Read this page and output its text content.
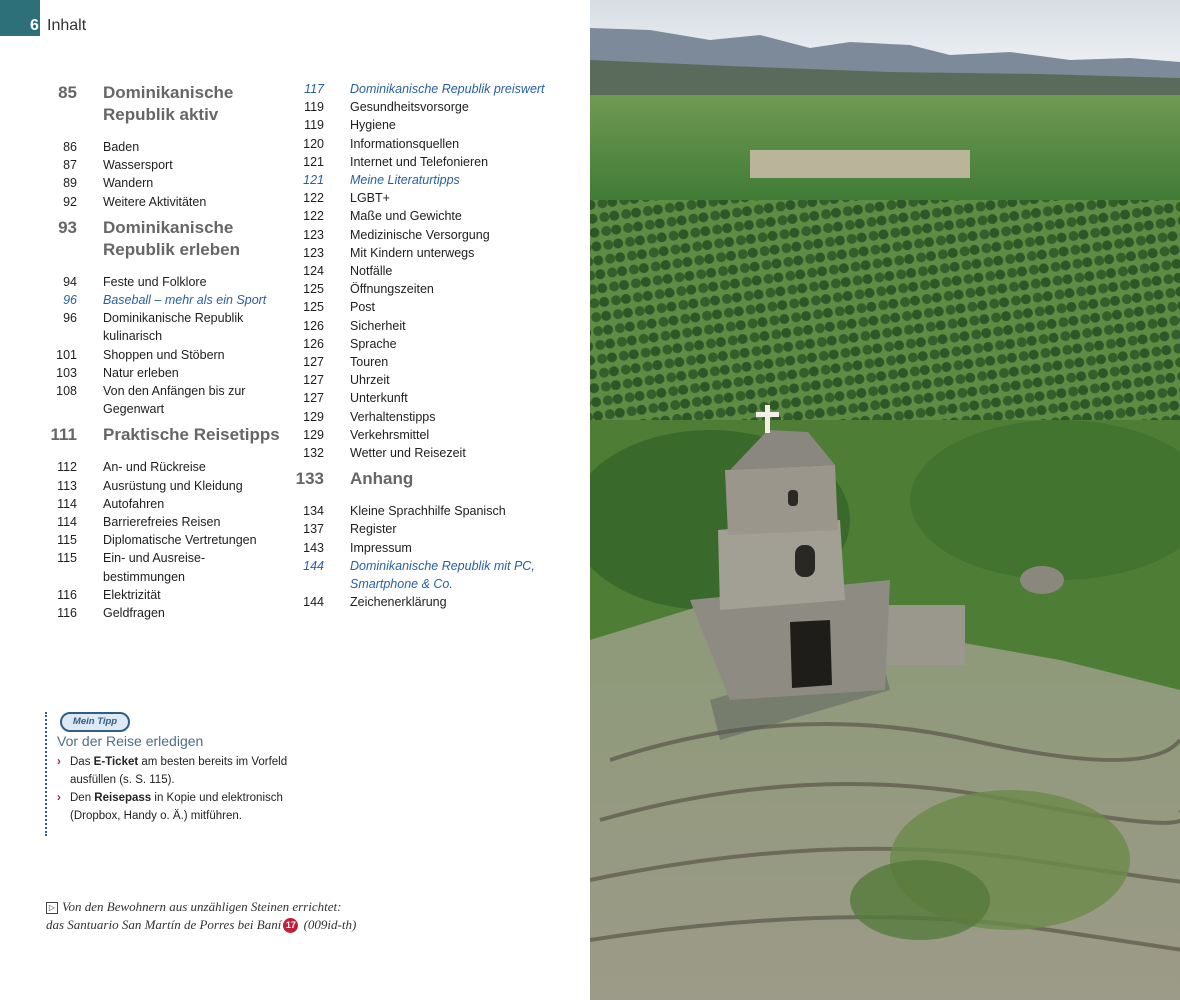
6 Inhalt
85 Dominikanische Republik aktiv
86 Baden
87 Wassersport
89 Wandern
92 Weitere Aktivitäten
93 Dominikanische Republik erleben
94 Feste und Folklore
96 Baseball – mehr als ein Sport
96 Dominikanische Republik kulinarisch
101 Shoppen und Stöbern
103 Natur erleben
108 Von den Anfängen bis zur Gegenwart
111 Praktische Reisetipps
112 An- und Rückreise
113 Ausrüstung und Kleidung
114 Autofahren
114 Barrierefreies Reisen
115 Diplomatische Vertretungen
115 Ein- und Ausreise-bestimmungen
116 Elektrizität
116 Geldfragen
117 Dominikanische Republik preiswert
119 Gesundheitsvorsorge
119 Hygiene
120 Informationsquellen
121 Internet und Telefonieren
121 Meine Literaturtipps
122 LGBT+
122 Maße und Gewichte
123 Medizinische Versorgung
123 Mit Kindern unterwegs
124 Notfälle
125 Öffnungszeiten
125 Post
126 Sicherheit
126 Sprache
127 Touren
127 Uhrzeit
127 Unterkunft
129 Verhaltenstipps
129 Verkehrsmittel
132 Wetter und Reisezeit
133 Anhang
134 Kleine Sprachhilfe Spanisch
137 Register
143 Impressum
144 Dominikanische Republik mit PC, Smartphone & Co.
144 Zeichenerklärung
Mein Tipp
Vor der Reise erledigen
› Das E-Ticket am besten bereits im Vorfeld ausfüllen (s. S. 115).
› Den Reisepass in Kopie und elektronisch (Dropbox, Handy o. Ä.) mitführen.
▷ Von den Bewohnern aus unzähligen Steinen errichtet:
das Santuario San Martín de Porres bei Baní 17 (009id-th)
